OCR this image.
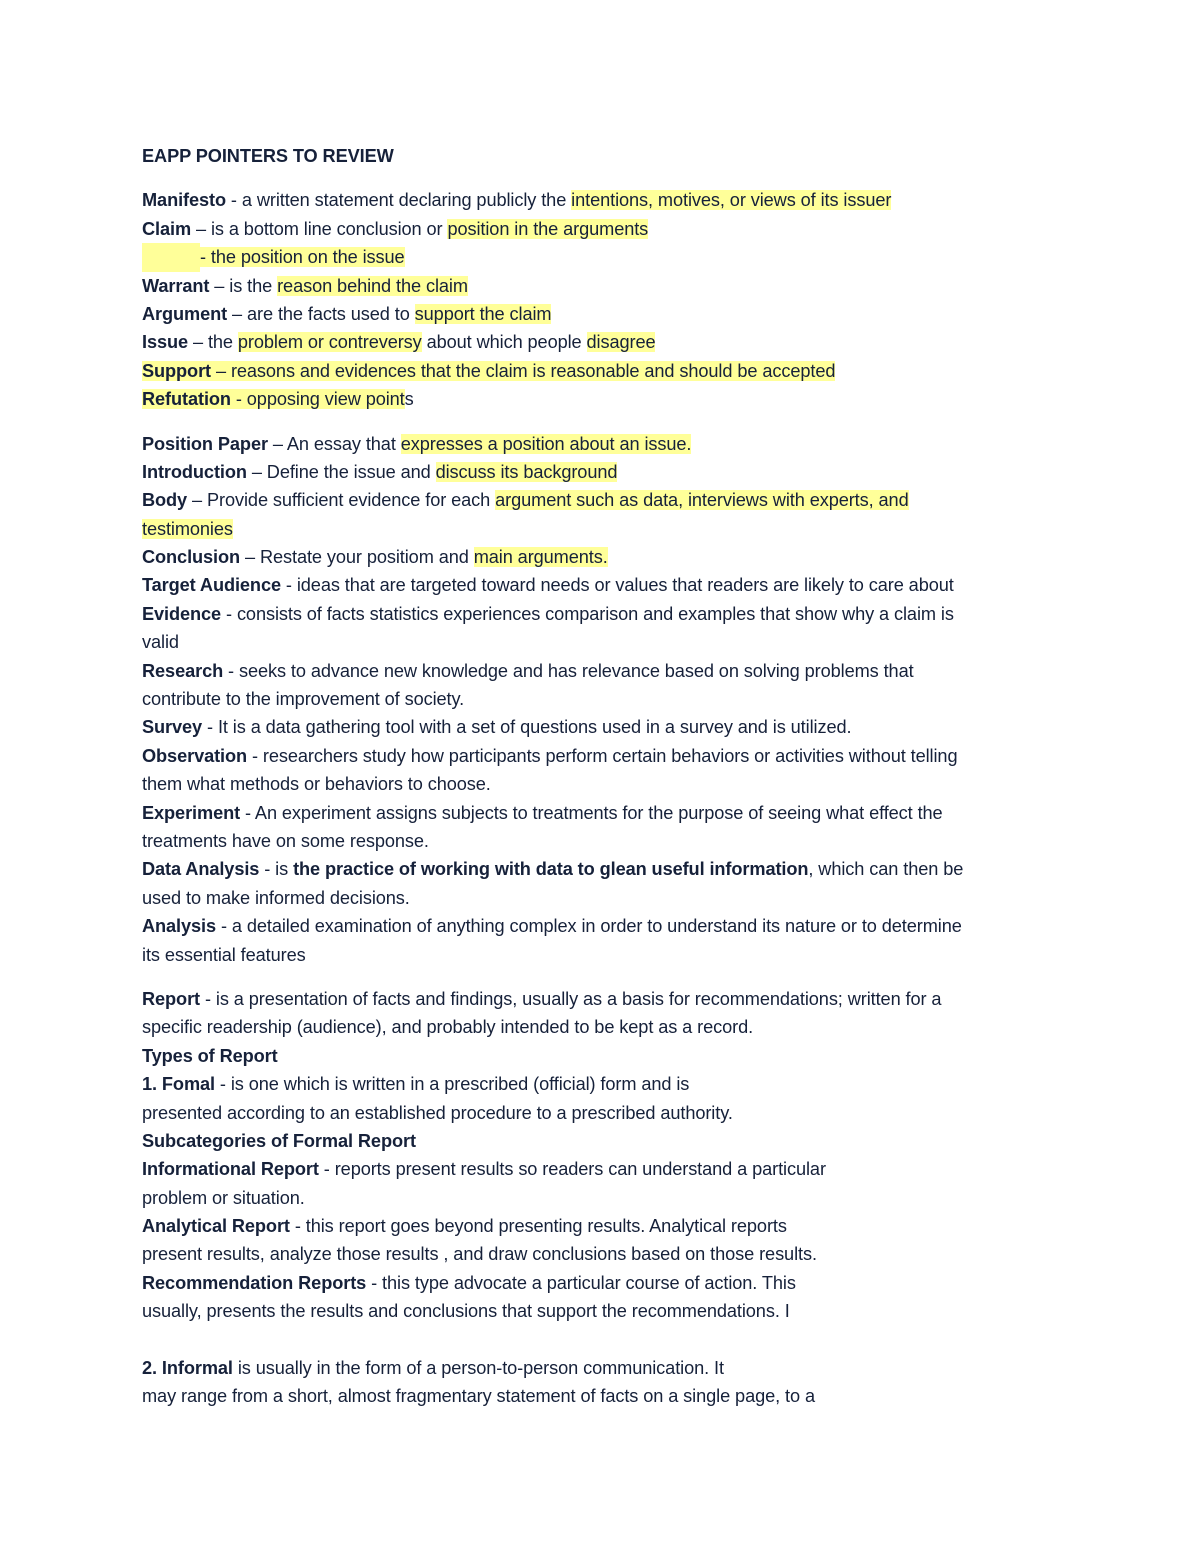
EAPP POINTERS TO REVIEW
Manifesto - a written statement declaring publicly the intentions, motives, or views of its issuer
Claim – is a bottom line conclusion or position in the arguments
- the position on the issue
Warrant – is the reason behind the claim
Argument – are the facts used to support the claim
Issue – the problem or contreversy about which people disagree
Support – reasons and evidences that the claim is reasonable and should be accepted
Refutation - opposing view points
Position Paper – An essay that expresses a position about an issue.
Introduction – Define the issue and discuss its background
Body – Provide sufficient evidence for each argument such as data, interviews with experts, and
testimonies
Conclusion – Restate your positiom and main arguments.
Target Audience - ideas that are targeted toward needs or values that readers are likely to care about
Evidence - consists of facts statistics experiences comparison and examples that show why a claim is
valid
Research - seeks to advance new knowledge and has relevance based on solving problems that
contribute to the improvement of society.
Survey - It is a data gathering tool with a set of questions used in a survey and is utilized.
Observation - researchers study how participants perform certain behaviors or activities without telling
them what methods or behaviors to choose.
Experiment - An experiment assigns subjects to treatments for the purpose of seeing what effect the
treatments have on some response.
Data Analysis - is the practice of working with data to glean useful information, which can then be
used to make informed decisions.
Analysis - a detailed examination of anything complex in order to understand its nature or to determine
its essential features
Report - is a presentation of facts and findings, usually as a basis for recommendations; written for a
specific readership (audience), and probably intended to be kept as a record.
Types of Report
1. Fomal - is one which is written in a prescribed (official) form and is
presented according to an established procedure to a prescribed authority.
Subcategories of Formal Report
Informational Report - reports present results so readers can understand a particular
problem or situation.
Analytical Report - this report goes beyond presenting results. Analytical reports
present results, analyze those results , and draw conclusions based on those results.
Recommendation Reports - this type advocate a particular course of action. This
usually, presents the results and conclusions that support the recommendations. I
2. Informal is usually in the form of a person-to-person communication. It
may range from a short, almost fragmentary statement of facts on a single page, to a
